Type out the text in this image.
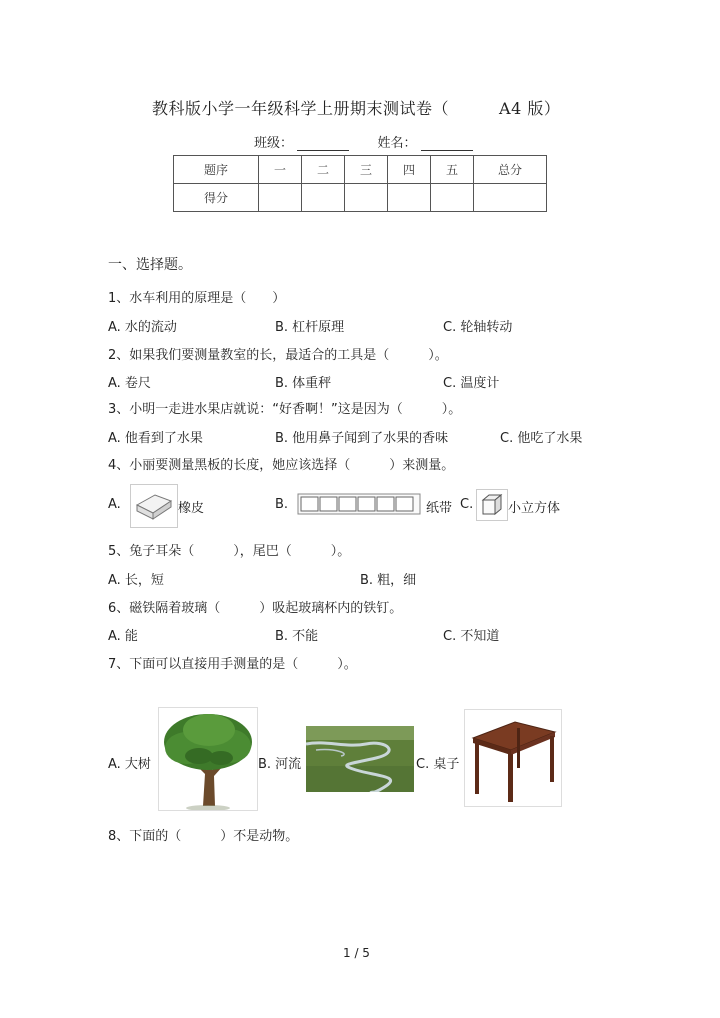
教科版小学一年级科学上册期末测试卷（	A4 版）
班级：	姓名：
题序	一	二	三	四	五	总分
得分						
一、选择题。
1、水车利用的原理是（　　）
A. 水的流动	B. 杠杆原理	C. 轮轴转动
2、如果我们要测量教室的长，最适合的工具是（　　　）。
A. 卷尺	B. 体重秤	C. 温度计
3、小明一走进水果店就说：“好香啊！”这是因为（　　　）。
A. 他看到了水果	B. 他用鼻子闻到了水果的香味	C. 他吃了水果
4、小丽要测量黑板的长度，她应该选择（　　　）来测量。
A.	橡皮	B.	纸带 C.	小立方体
5、兔子耳朵（　　　），尾巴（　　　）。
A. 长，短	B. 粗，细
6、磁铁隔着玻璃（　　　）吸起玻璃杯内的铁钉。
A. 能	B. 不能	C. 不知道
7、下面可以直接用手测量的是（　　　）。
A. 大树	B. 河流	C. 桌子
8、下面的（　　　）不是动物。
1 / 5
